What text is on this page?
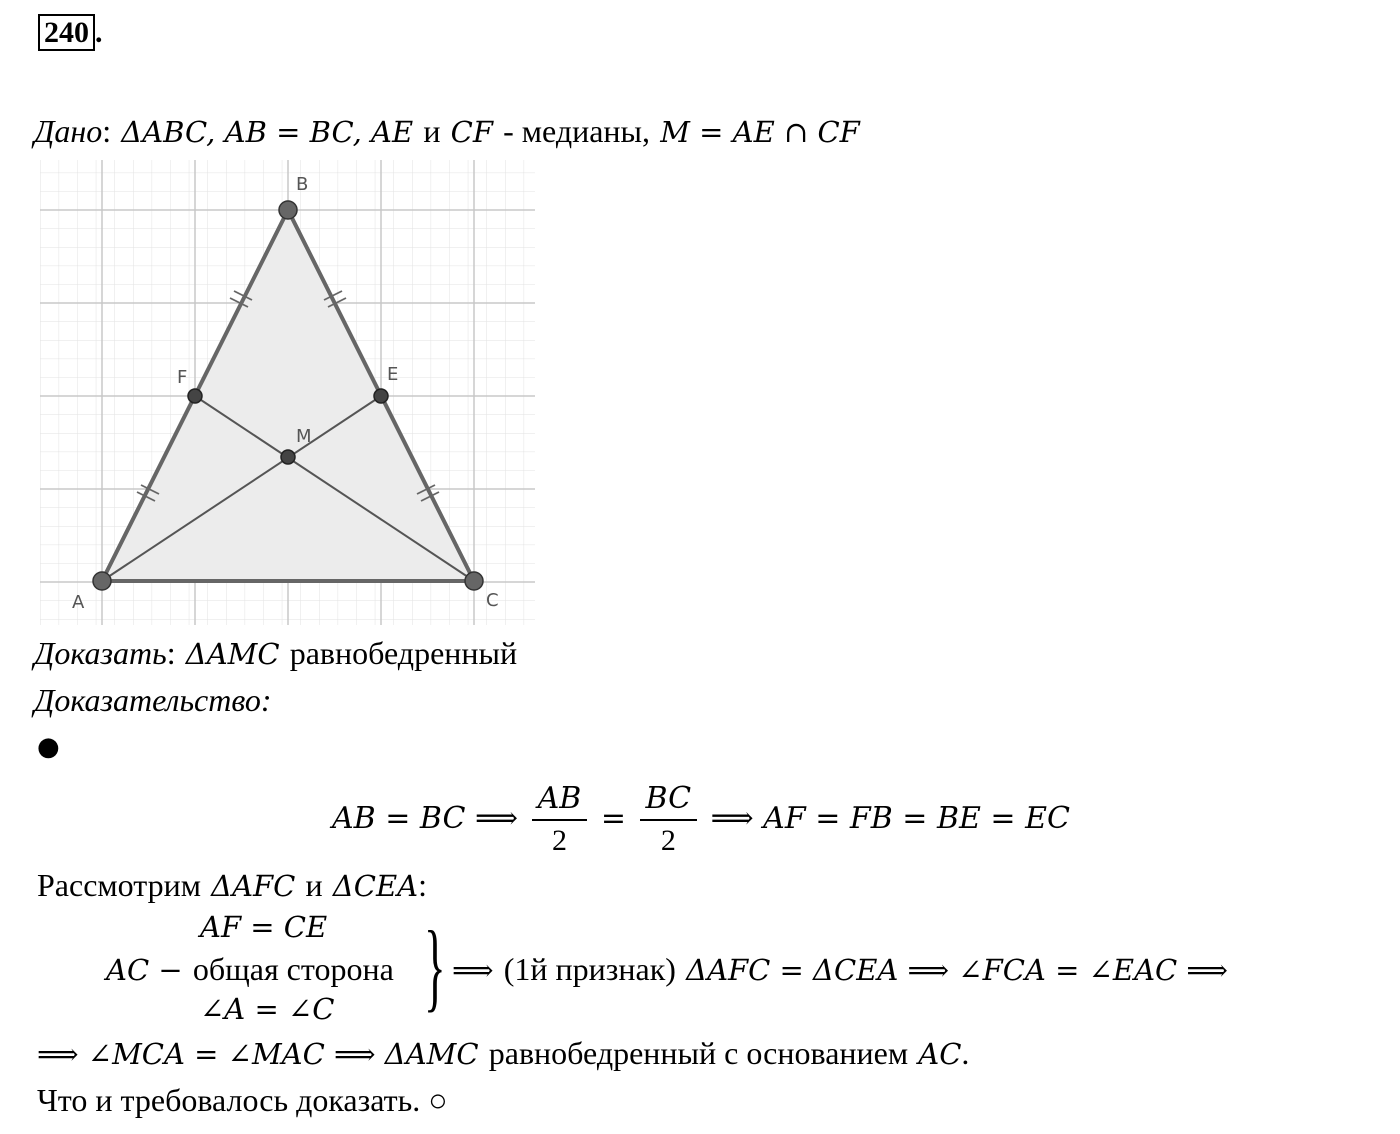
240 .
Дано: ΔABC, AB = BC, AE и CF - медианы, M = AE ∩ CF
A
B
C
E
F
M
Доказать: ΔAMC равнобедренный
Доказательство:
●
AB = BC ⟹ $\frac{AB}{2} = \frac{BC}{2}$ ⟹ AF = FB = BE = EC
Рассмотрим ΔAFC и ΔCEA:
AF = CE
AC − общая сторона
∠A = ∠C } ⟹ (1й признак) ΔAFC = ΔCEA ⟹ ∠FCA = ∠EAC ⟹
⟹ ∠MCA = ∠MAC ⟹ ΔAMC равнобедренный с основанием AC.
Что и требовалось доказать. ○
